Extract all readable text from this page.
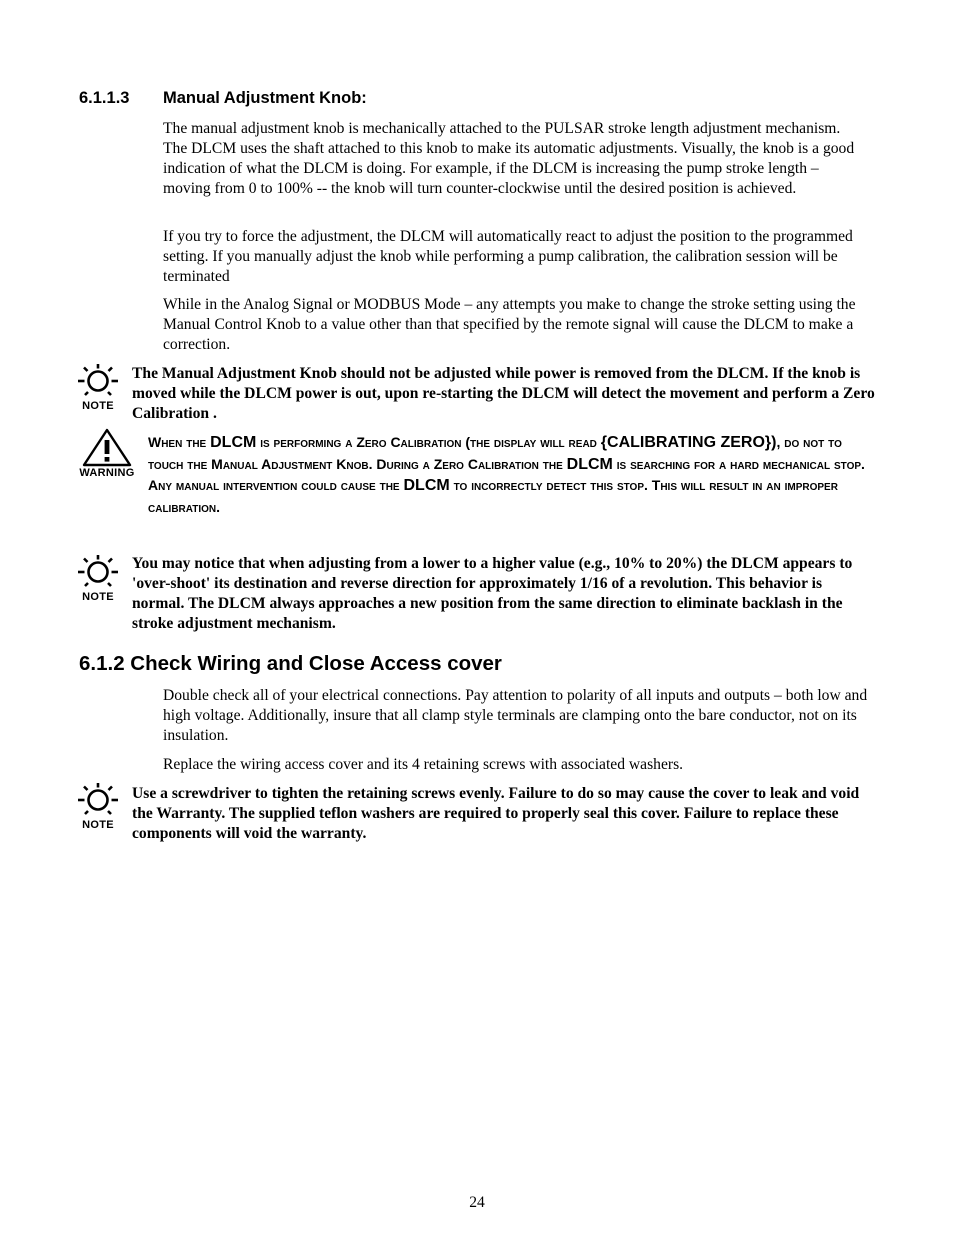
6.1.1.3 Manual Adjustment Knob:

The manual adjustment knob is mechanically attached to the PULSAR stroke length adjustment mechanism. The DLCM uses the shaft attached to this knob to make its automatic adjustments. Visually, the knob is a good indication of what the DLCM is doing. For example, if the DLCM is increasing the pump stroke length – moving from 0 to 100% -- the knob will turn counter-clockwise until the desired position is achieved.

If you try to force the adjustment, the DLCM will automatically react to adjust the position to the programmed setting. If you manually adjust the knob while performing a pump calibration, the calibration session will be terminated

While in the Analog Signal or MODBUS Mode – any attempts you make to change the stroke setting using the Manual Control Knob to a value other than that specified by the remote signal will cause the DLCM to make a correction.

NOTE

The Manual Adjustment Knob should not be adjusted while power is removed from the DLCM. If the knob is moved while the DLCM power is out, upon re-starting the DLCM will detect the movement and perform a Zero Calibration .

WARNING

When the DLCM is performing a Zero Calibration (the display will read {CALIBRATING ZERO}), do not to touch the Manual Adjustment Knob. During a Zero Calibration the DLCM is searching for a hard mechanical stop. Any manual intervention could cause the DLCM to incorrectly detect this stop. This will result in an improper calibration.

NOTE

You may notice that when adjusting from a lower to a higher value (e.g., 10% to 20%) the DLCM appears to 'over-shoot' its destination and reverse direction for approximately 1/16 of a revolution. This behavior is normal. The DLCM always approaches a new position from the same direction to eliminate backlash in the stroke adjustment mechanism.

6.1.2 Check Wiring and Close Access cover

Double check all of your electrical connections. Pay attention to polarity of all inputs and outputs – both low and high voltage. Additionally, insure that all clamp style terminals are clamping onto the bare conductor, not on its insulation.

Replace the wiring access cover and its 4 retaining screws with associated washers.

NOTE

Use a screwdriver to tighten the retaining screws evenly. Failure to do so may cause the cover to leak and void the Warranty. The supplied teflon washers are required to properly seal this cover. Failure to replace these components will void the warranty.

24
